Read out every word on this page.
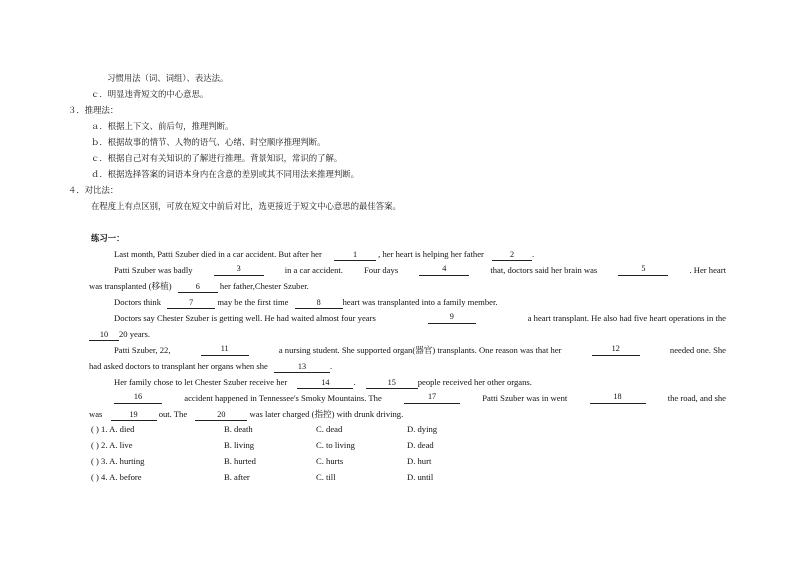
习惯用法（词、词组）、表达法。
ｃ．明显违背短文的中心意思。
３．推理法：
ａ．根据上下文、前后句，推理判断。
ｂ．根据故事的情节、人物的语气、心绪、时空顺序推理判断。
ｃ．根据自己对有关知识的了解进行推理。背景知识，常识的了解。
ｄ．根据选择答案的词语本身内在含意的差别或其不同用法来推理判断。
４．对比法：
在程度上有点区别，可放在短文中前后对比，选更接近于短文中心意思的最佳答案。
练习一：
Last month, Patti Szuber died in a car accident. But after her	1 , her heart is helping her father	2 .
Patti Szuber was badly	3	in a car accident. Four days	4	that, doctors said her brain was	5	. Her heart
was transplanted (移植)	6 her father,Chester Szuber.
Doctors think	7	may be the first time	8	heart was transplanted into a family member.
Doctors say Chester Szuber is getting well. He had waited almost four years	9	a heart transplant. He also had five heart operations in the
10 20 years.
Patti Szuber, 22,	11	a nursing student. She supported organ(器官) transplants. One reason was that her	12	needed one. She
had asked doctors to transplant her organs when she	13	.
Her family chose to let Chester Szuber receive her	14	.	15	people received her other organs.
16	accident happened in Tennessee's Smoky Mountains. The	17	Patti Szuber was in went	18	the road, and she
was	19 out. The	20	was later charged (指控) with drunk driving.
( ) 1. A. died	B. death	C. dead	D. dying
( ) 2. A. live	B. living	C. to living	D. dead
( ) 3. A. hurting	B. hurted	C. hurts	D. hurt
( ) 4. A. before	B. after	C. till	D. until
